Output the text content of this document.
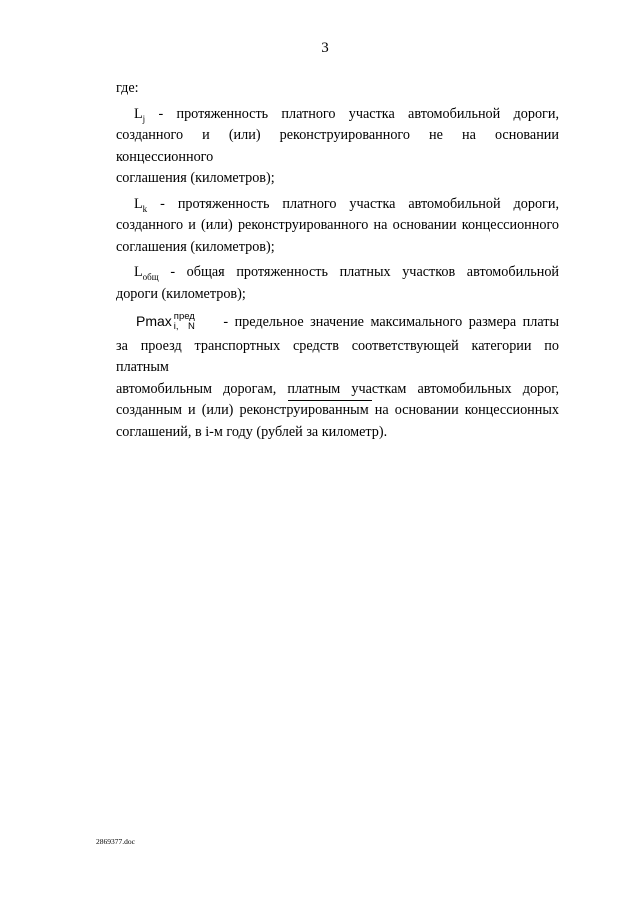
3
где:
$L_j$ - протяженность платного участка автомобильной дороги,
созданного и (или) реконструированного не на основании концессионного
соглашения (километров);
$L_k$ - протяженность платного участка автомобильной дороги,
созданного и (или) реконструированного на основании концессионного
соглашения (километров);
$L_{общ}$ - общая протяженность платных участков автомобильной
дороги (километров);
Pmax пред
i, N - предельное значение максимального размера платы
за проезд транспортных средств соответствующей категории по платным
автомобильным дорогам, платным участкам автомобильных дорог,
созданным и (или) реконструированным на основании концессионных
соглашений, в i-м году (рублей за километр).
2869377.doc
